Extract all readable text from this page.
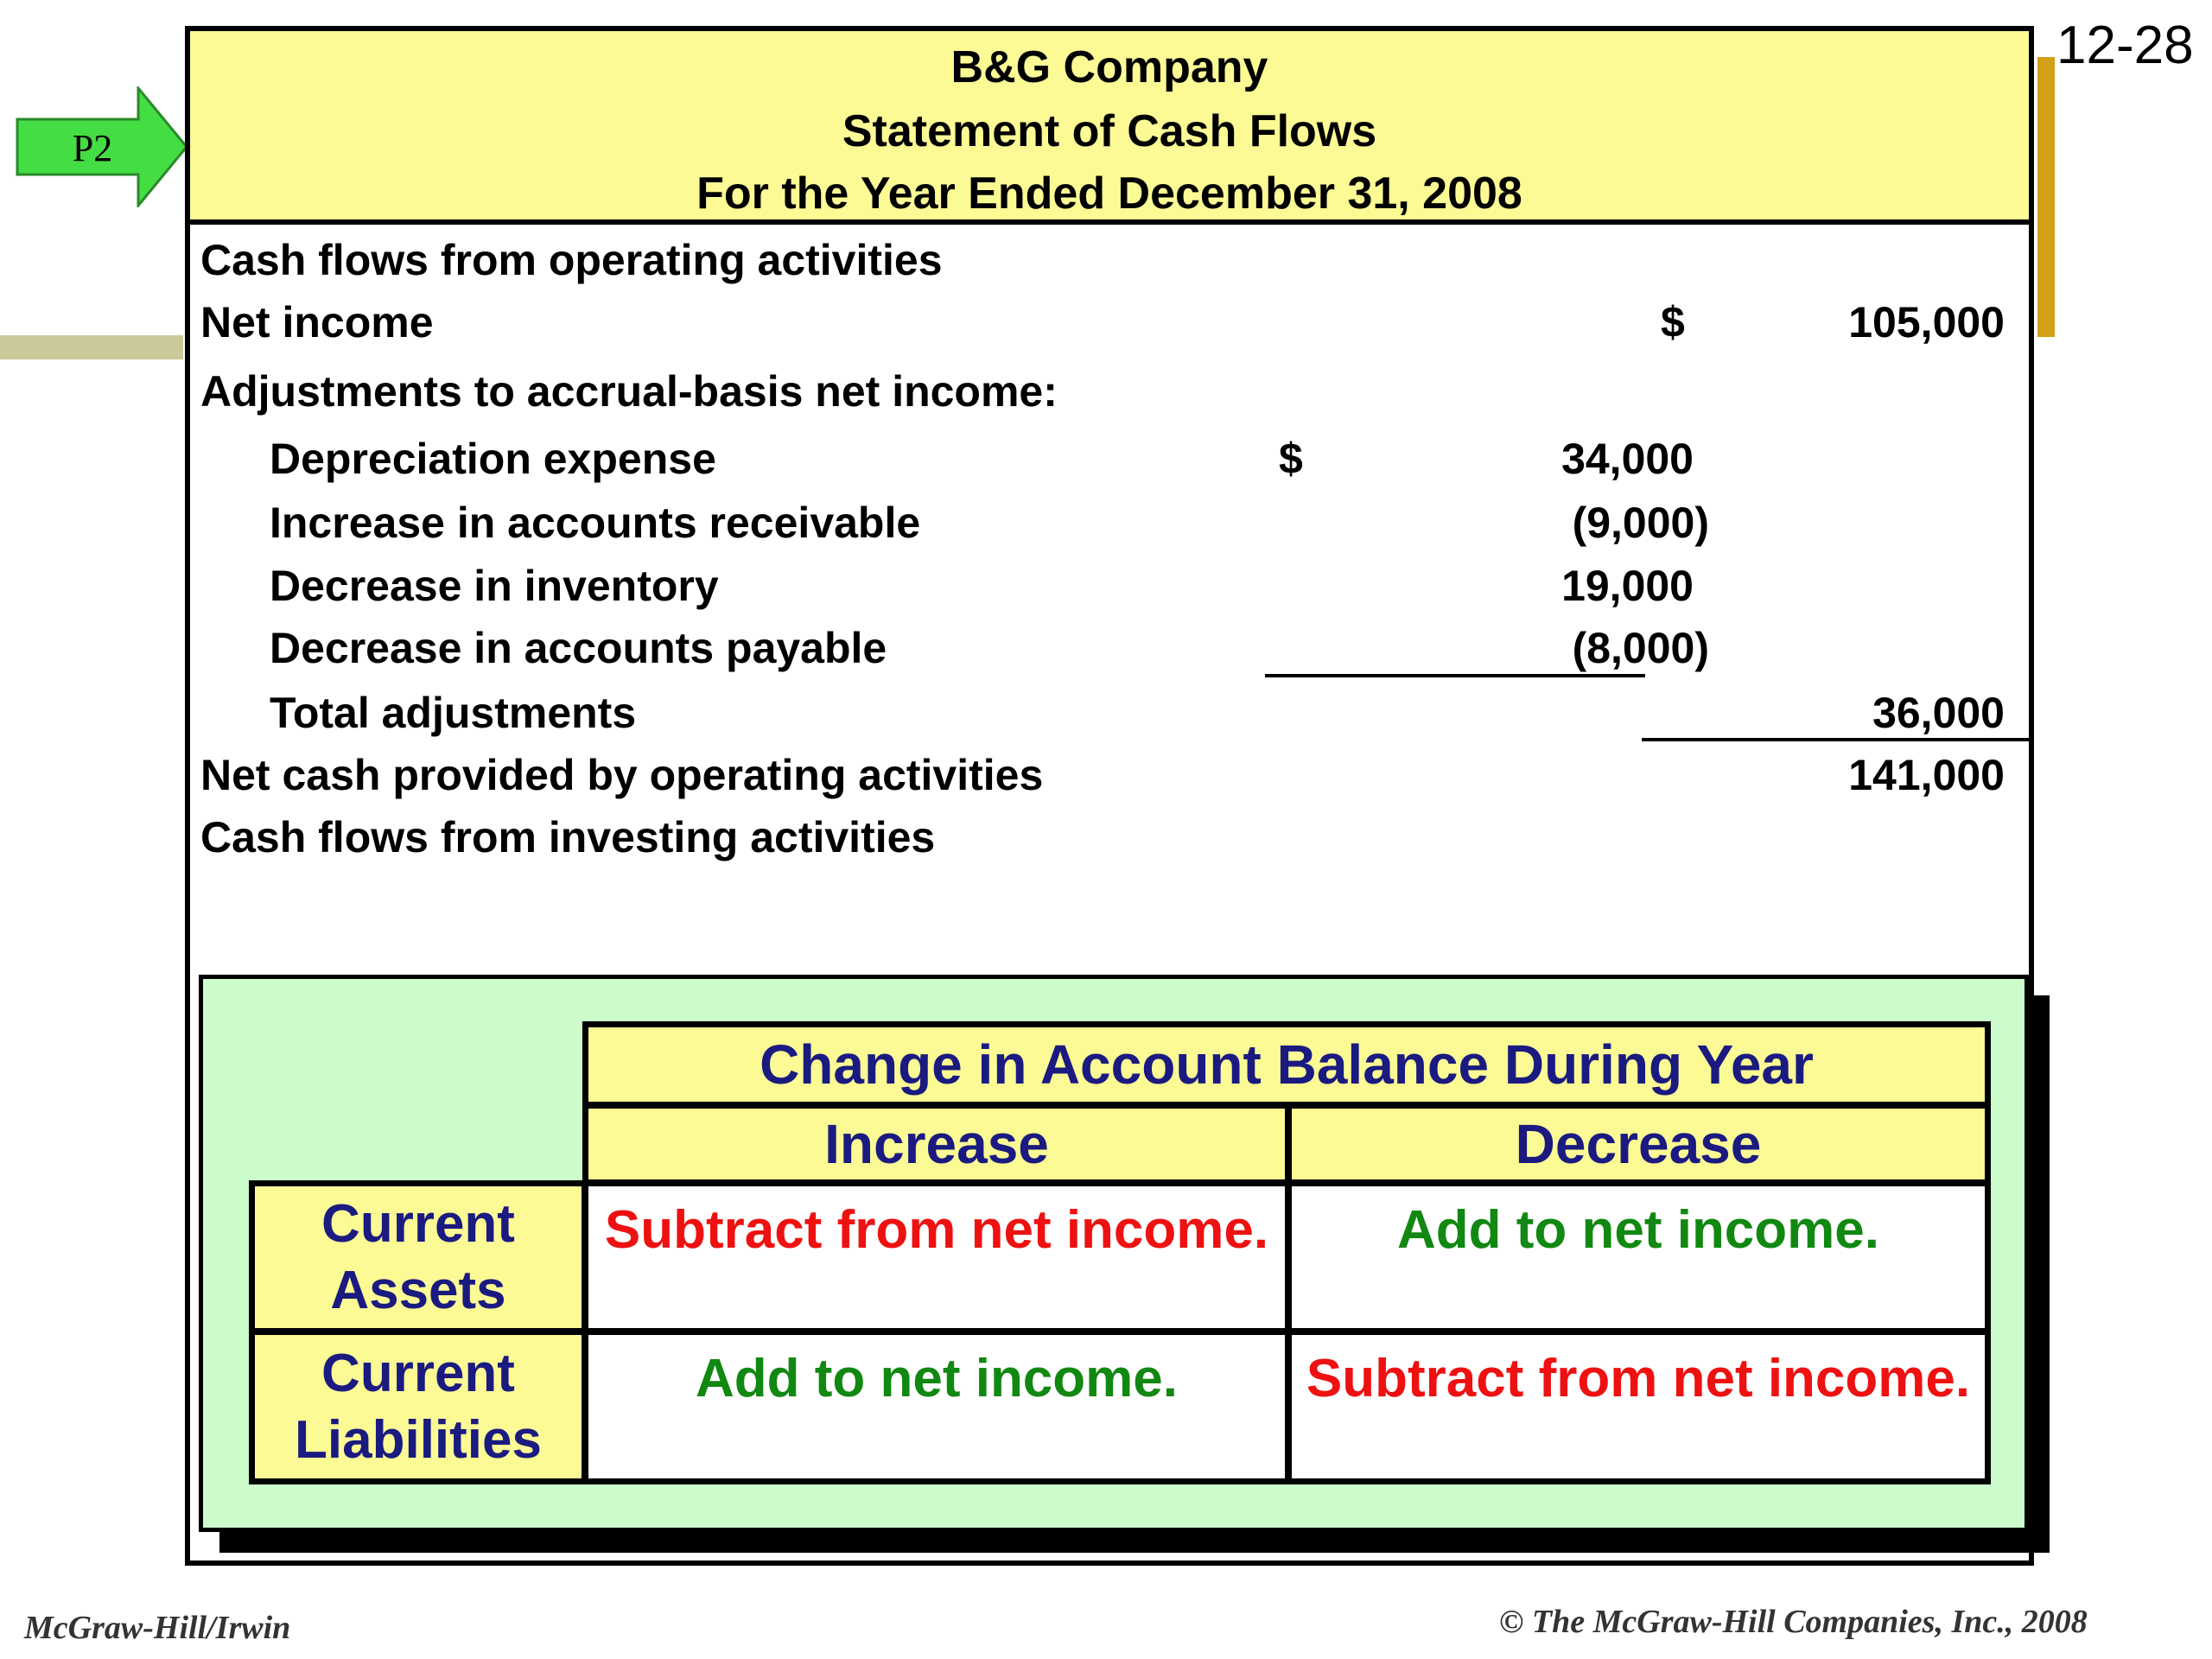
12-28
P2
B&G Company
Statement of Cash Flows
For the Year Ended December 31, 2008
Cash flows from operating activities
Net income	$	105,000
Adjustments to accrual-basis net income:
Depreciation expense	$	34,000
Increase in accounts receivable	(9,000)
Decrease in inventory	19,000
Decrease in accounts payable	(8,000)
Total adjustments	36,000
Net cash provided by operating activities	141,000
Cash flows from investing activities
Change in Account Balance During Year
Increase	Decrease
Current Assets
Subtract from net income.	Add to net income.
Current Liabilities
Add to net income.	Subtract from net income.
McGraw-Hill/Irwin	© The McGraw-Hill Companies, Inc., 2008
